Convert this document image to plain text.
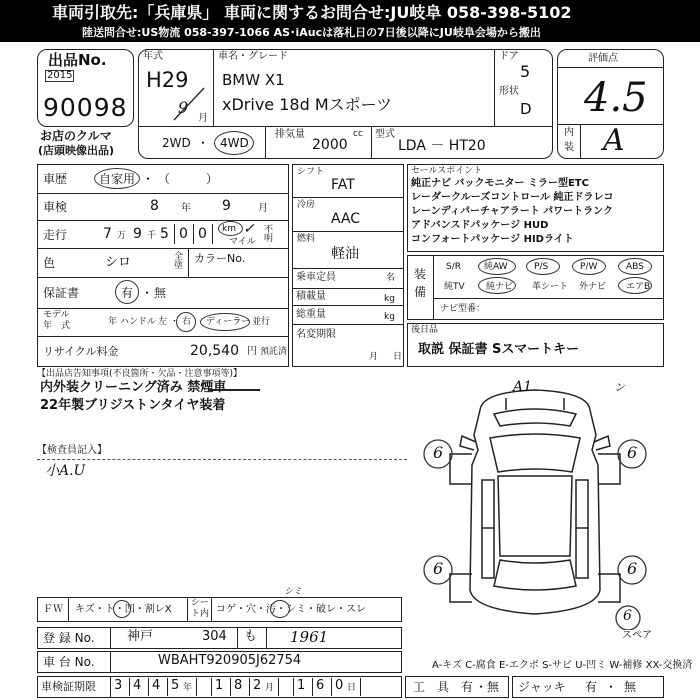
車両引取先:「兵庫県」 車両に関するお問合せ:JU岐阜 058-398-5102
陸送問合せ:US物流 058-397-1066 AS･iAucは落札日の7日後以降にJU岐阜会場から搬出
出品No.
2015
90098
お店のクルマ
(店頭映像出品)
年式
H29
9
月
車名・グレード
BMW X1
xDrive 18d Mスポーツ
ドア
5
形状
D
2WD ・ 4WD
排気量
2000
cc 型式
LDA － HT20
評価点
4.5
内
装 A
車歴	自家用 ・ （　　　）
車検	8 年 9	月
走行	7 万 9 千 5 0 0 km
マイル
✓ 不明
色	シロ	全塗
カラーNo.
保証書	有 ・ 無
モデル
年　式	年 ハンドル 左 ・ 右 ディーラー 並行
リサイクル料金	20,540 円 預託済
シフト
FAT
冷房
AAC
燃料
軽油
乗車定員	名
積載量	kg
総重量	kg
名変期限
月 日
セールスポイント
純正ナビ バックモニター ミラー型ETC
レーダークルーズコントロール 純正ドラレコ
レーンディパーチャアラート パワートランク
アドバンスドパッケージ HUD
コンフォートパッケージ HIDライト
装
備
S/R	純AW	P/S	P/W	ABS
純TV 純ナビ 革シート 外ナビ エアB
ナビ型番：
後日品
取説 保証書 Sスマートキー
【出品店告知事項(不良箇所・欠品・注意事項等)】
内外装クリーニング済み 禁煙車
22年製ブリジストンタイヤ装着
【検査員記入】
小A.U
A1
6	6
6	6
6
スペア
ン
ＦＷ キズ・ト・凹・割レX
シー
ト内 コゲ・穴・汚・シミ・破レ・スレ
シミ
登 録 No. 神戸	304 も 1961
車 台 No.	WBAHT920905J62754	A-キズ C-腐食 E-エクボ S-サビ U-凹ミ W-補修 XX-交換済
車検証期限 3 4 4 5 年 1 8 2 月 1 6 0 日	工　具 有 ・ 無 ジャッキ 有 ・ 無
